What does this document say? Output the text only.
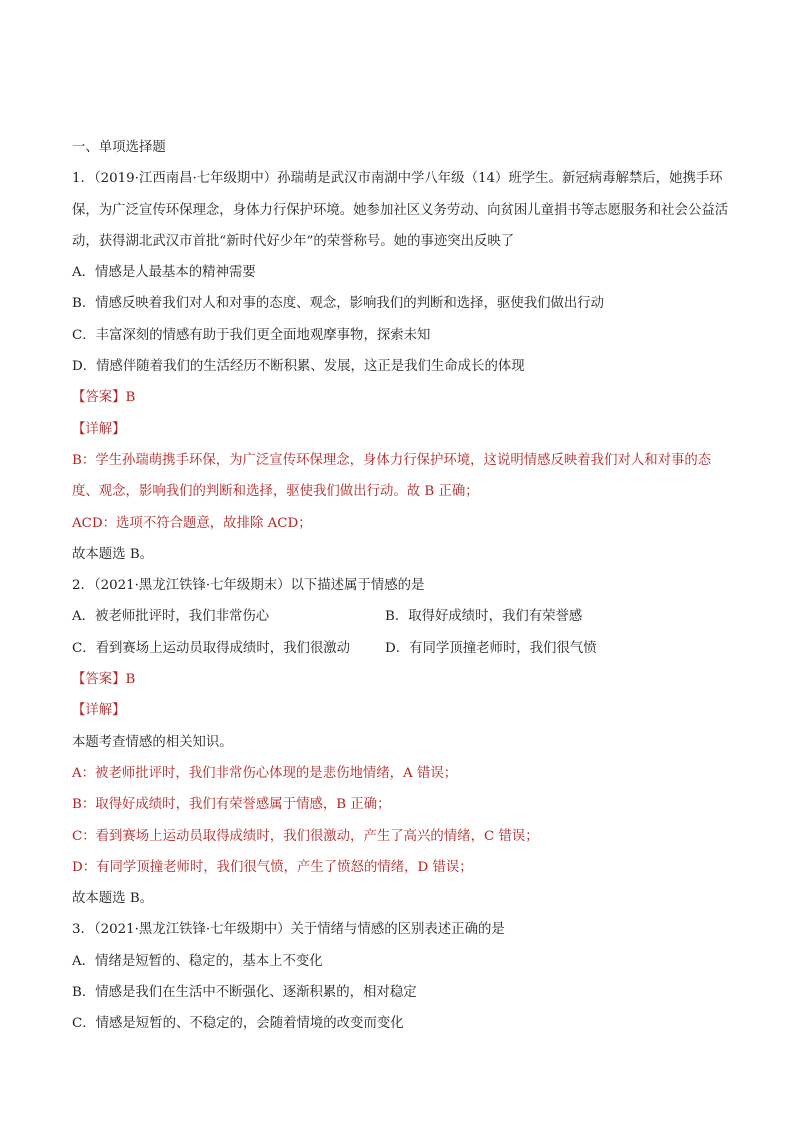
一、单项选择题
1．（2019·江西南昌·七年级期中）孙瑞萌是武汉市南湖中学八年级（14）班学生。新冠病毒解禁后，她携手环保，为广泛宣传环保理念，身体力行保护环境。她参加社区义务劳动、向贫困儿童捐书等志愿服务和社会公益活动，获得湖北武汉市首批“新时代好少年”的荣誉称号。她的事迹突出反映了
A．情感是人最基本的精神需要
B．情感反映着我们对人和对事的态度、观念，影响我们的判断和选择，驱使我们做出行动
C．丰富深刻的情感有助于我们更全面地观摩事物，探索未知
D．情感伴随着我们的生活经历不断积累、发展，这正是我们生命成长的体现
【答案】B
【详解】
B：学生孙瑞萌携手环保，为广泛宣传环保理念，身体力行保护环境，这说明情感反映着我们对人和对事的态度、观念，影响我们的判断和选择，驱使我们做出行动。故 B 正确；
ACD：选项不符合题意，故排除 ACD；
故本题选 B。
2．（2021·黑龙江铁锋·七年级期末）以下描述属于情感的是
A．被老师批评时，我们非常伤心	B．取得好成绩时，我们有荣誉感
C．看到赛场上运动员取得成绩时，我们很激动	D．有同学顶撞老师时，我们很气愤
【答案】B
【详解】
本题考查情感的相关知识。
A：被老师批评时，我们非常伤心体现的是悲伤地情绪，A 错误；
B：取得好成绩时，我们有荣誉感属于情感，B 正确；
C：看到赛场上运动员取得成绩时，我们很激动，产生了高兴的情绪，C 错误；
D：有同学顶撞老师时，我们很气愤，产生了愤怒的情绪，D 错误；
故本题选 B。
3．（2021·黑龙江铁锋·七年级期中）关于情绪与情感的区别表述正确的是
A．情绪是短暂的、稳定的，基本上不变化
B．情感是我们在生活中不断强化、逐渐积累的，相对稳定
C．情感是短暂的、不稳定的，会随着情境的改变而变化
